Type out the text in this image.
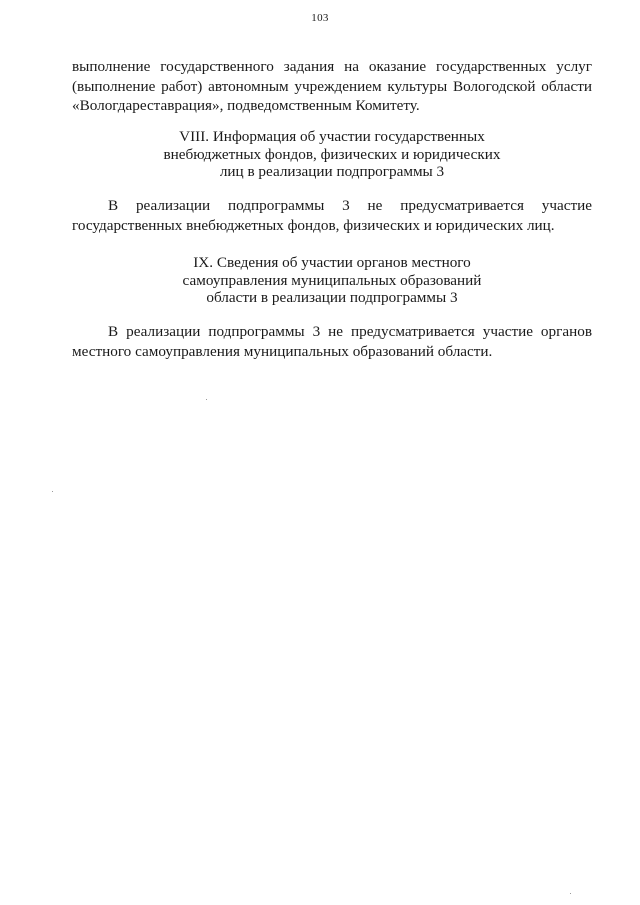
103

выполнение государственного задания на оказание государственных услуг (выполнение работ) автономным учреждением культуры Вологодской области «Вологдареставрация», подведомственным Комитету.

VIII. Информация об участии государственных
внебюджетных фондов, физических и юридических
лиц в реализации подпрограммы 3

В реализации подпрограммы 3 не предусматривается участие государственных внебюджетных фондов, физических и юридических лиц.

IX. Сведения об участии органов местного
самоуправления муниципальных образований
области в реализации подпрограммы 3

В реализации подпрограммы 3 не предусматривается участие органов местного самоуправления муниципальных образований области.
